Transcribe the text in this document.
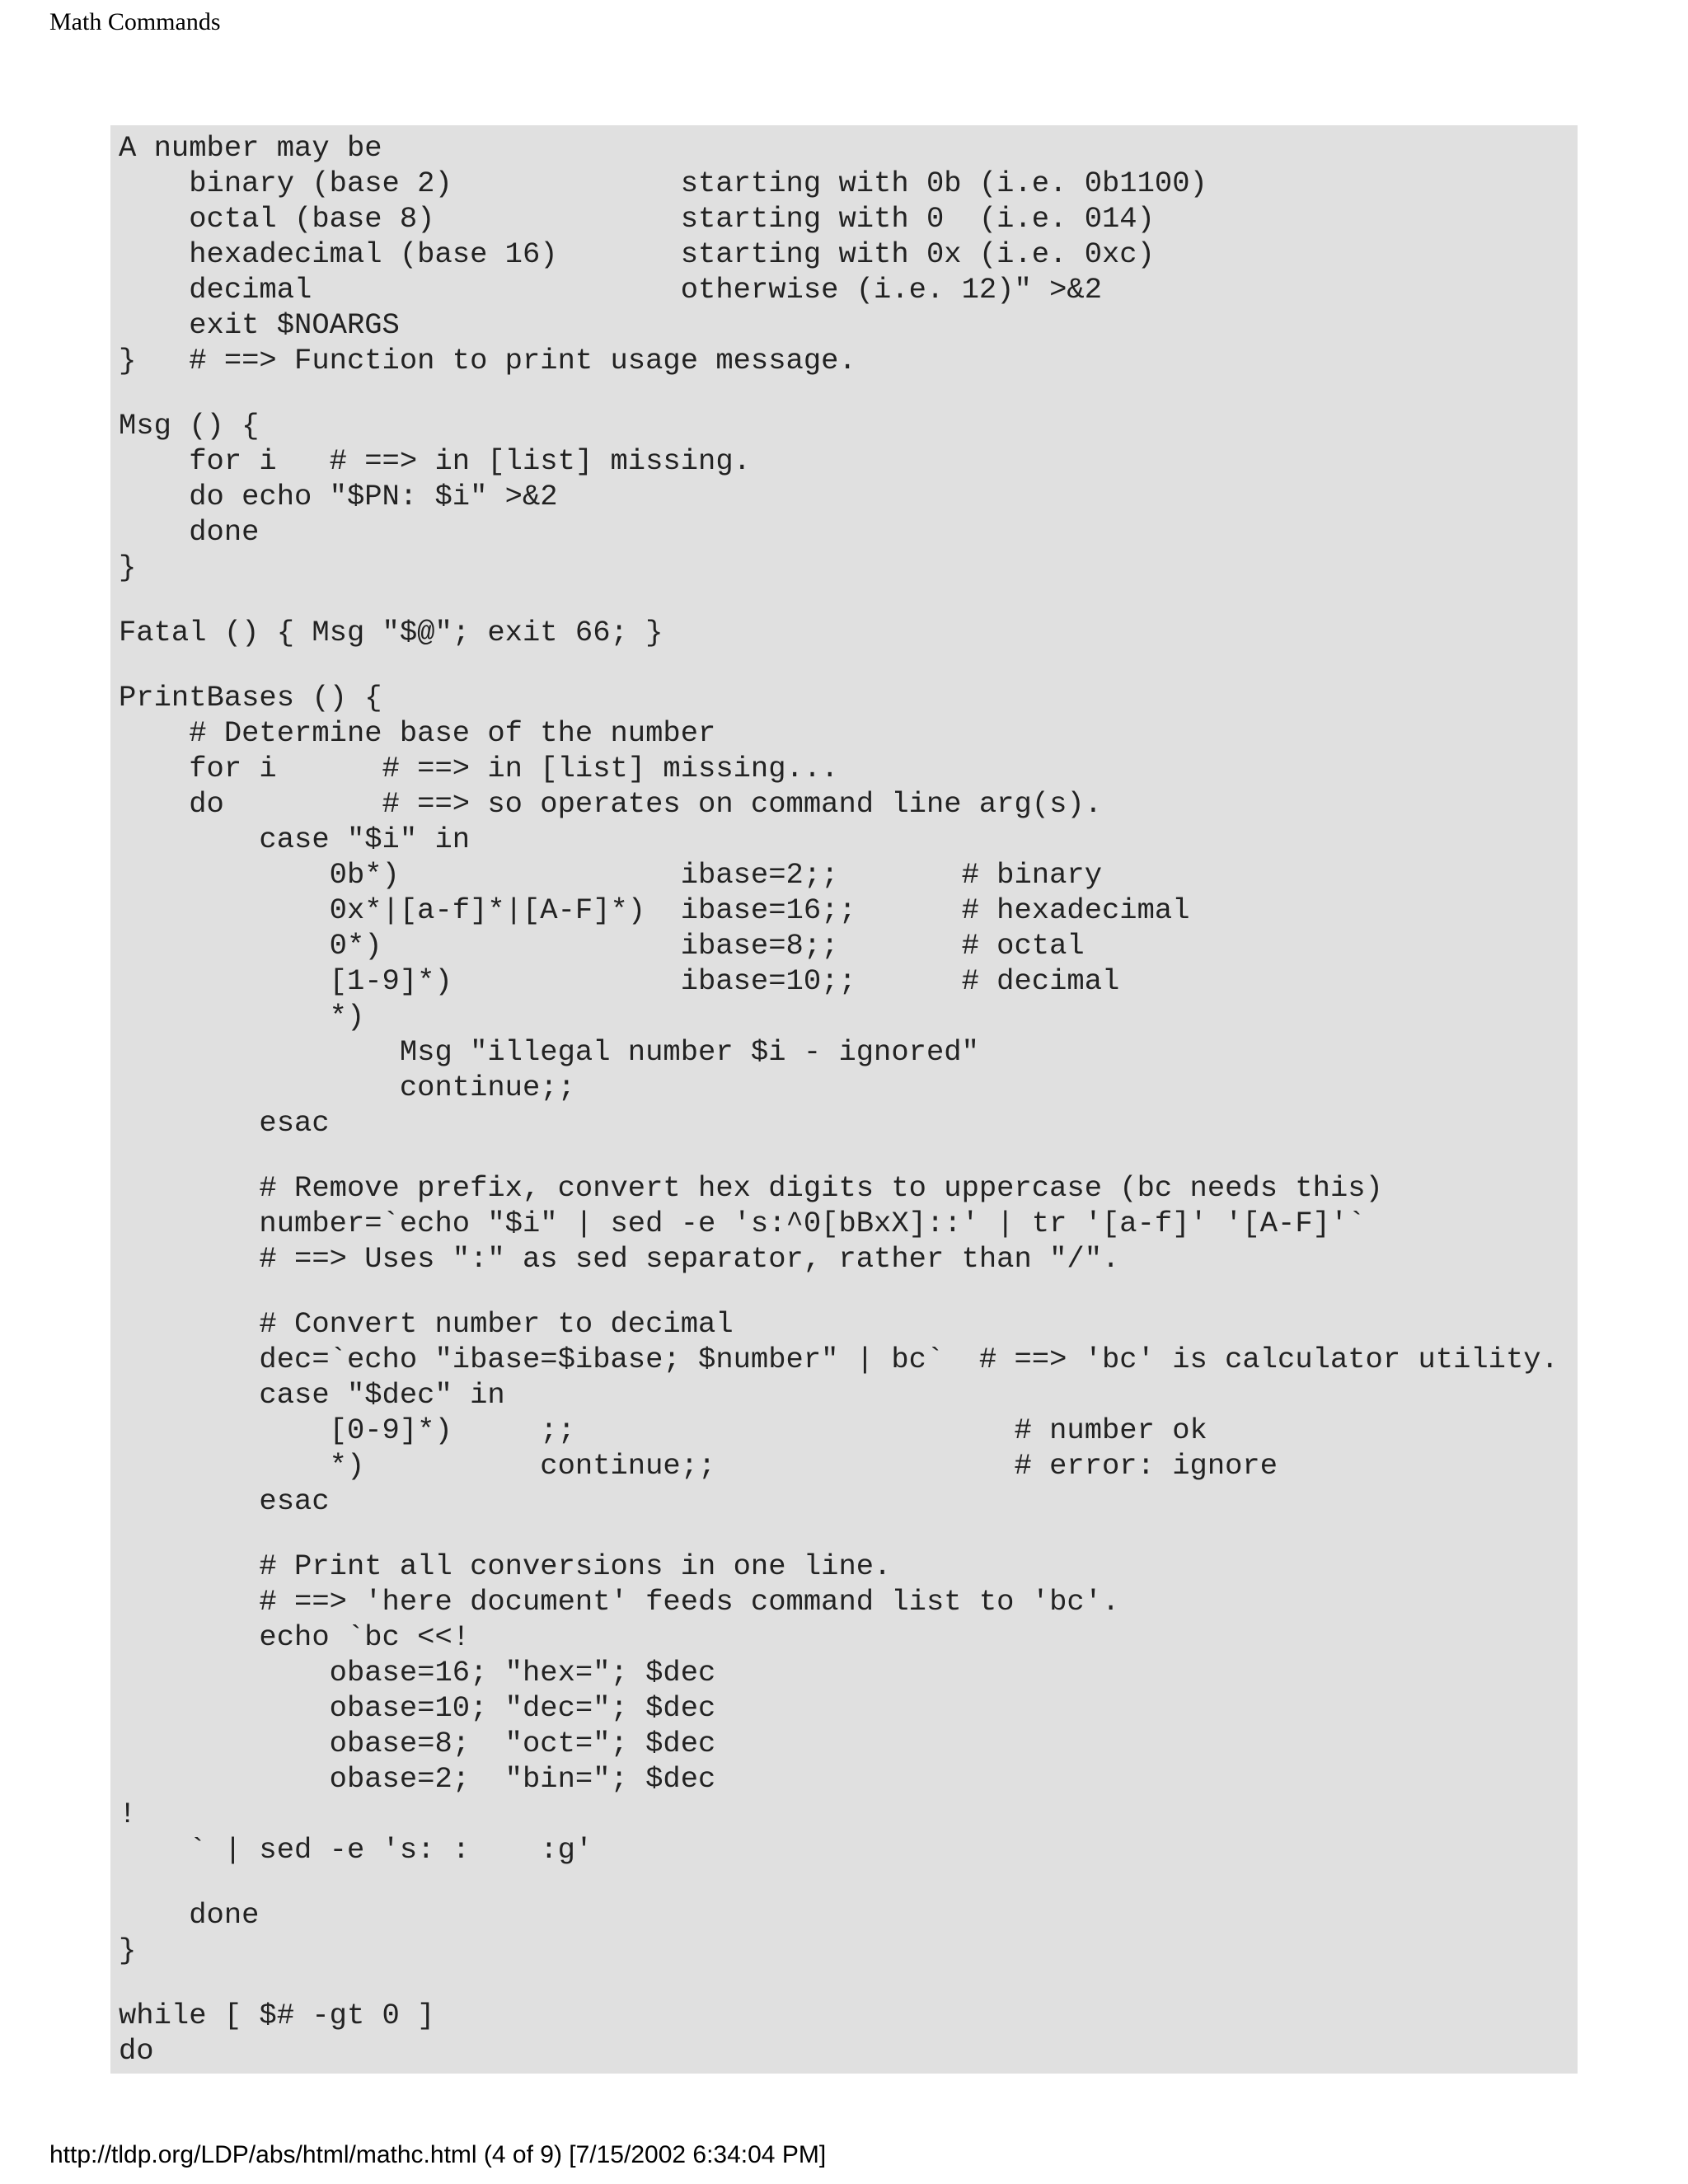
Math Commands
A number may be
binary (base 2)             starting with 0b (i.e. 0b1100)
octal (base 8)              starting with 0  (i.e. 014)
hexadecimal (base 16)       starting with 0x (i.e. 0xc)
decimal                     otherwise (i.e. 12)" >&2
exit $NOARGS
}   # ==> Function to print usage message.
Msg () {
for i   # ==> in [list] missing.
do echo "$PN: $i" >&2
done
}
Fatal () { Msg "$@"; exit 66; }
PrintBases () {
# Determine base of the number
for i      # ==> in [list] missing...
do         # ==> so operates on command line arg(s).
case "$i" in
0b*)                ibase=2;;       # binary
0x*|[a-f]*|[A-F]*)  ibase=16;;      # hexadecimal
0*)                 ibase=8;;       # octal
[1-9]*)             ibase=10;;      # decimal
*)
Msg "illegal number $i - ignored"
continue;;
esac
# Remove prefix, convert hex digits to uppercase (bc needs this)
number=`echo "$i" | sed -e 's:^0[bBxX]::' | tr '[a-f]' '[A-F]'`
# ==> Uses ":" as sed separator, rather than "/".
# Convert number to decimal
dec=`echo "ibase=$ibase; $number" | bc`  # ==> 'bc' is calculator utility.
case "$dec" in
[0-9]*)     ;;                         # number ok
*)          continue;;                 # error: ignore
esac
# Print all conversions in one line.
# ==> 'here document' feeds command list to 'bc'.
echo `bc <<!
obase=16; "hex="; $dec
obase=10; "dec="; $dec
obase=8;  "oct="; $dec
obase=2;  "bin="; $dec
!
` | sed -e 's: :    :g'
done
}
while [ $# -gt 0 ]
do
http://tldp.org/LDP/abs/html/mathc.html (4 of 9) [7/15/2002 6:34:04 PM]
